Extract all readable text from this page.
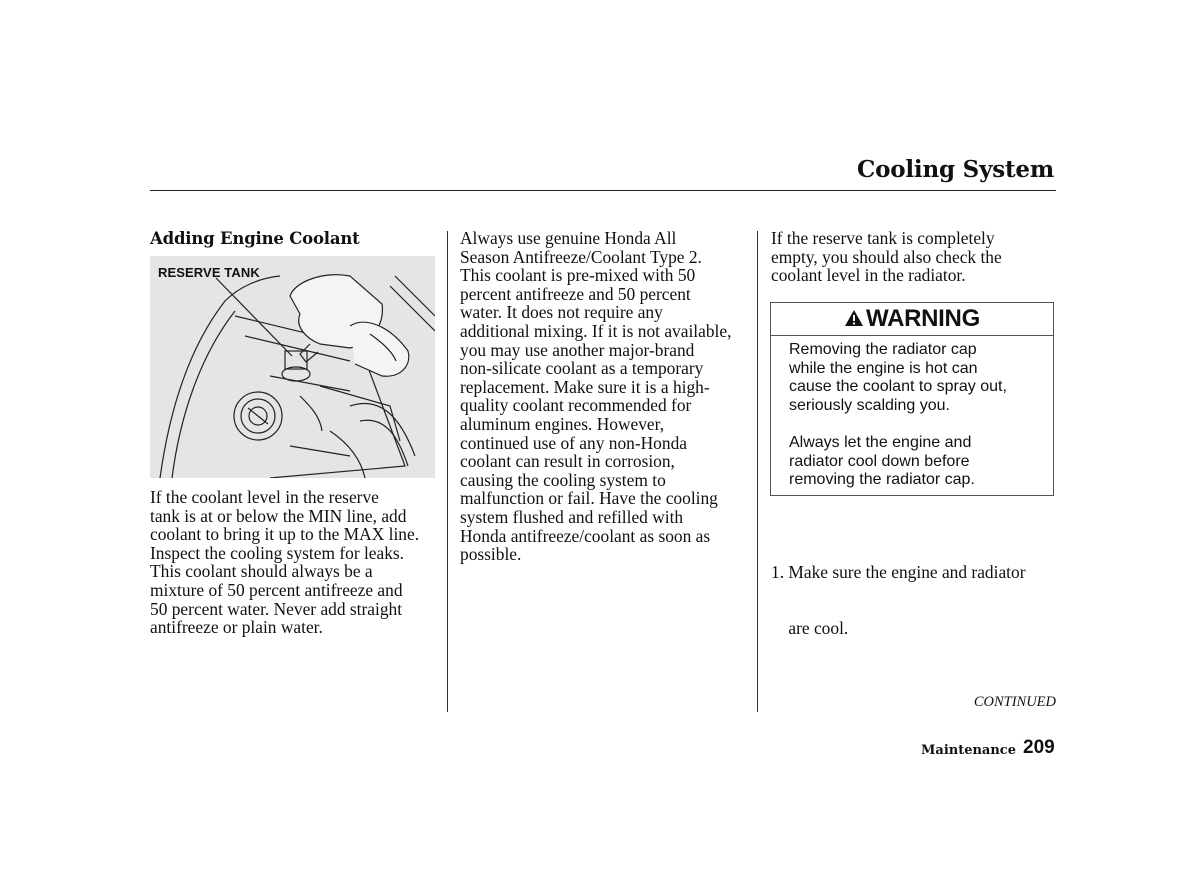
Cooling System
Adding Engine Coolant
RESERVE TANK

If the coolant level in the reserve

tank is at or below the MIN line, add

coolant to bring it up to the MAX line.

Inspect the cooling system for leaks.

This coolant should always be a

mixture of 50 percent antifreeze and

50 percent water. Never add straight

antifreeze or plain water.

Always use genuine Honda All

Season Antifreeze/Coolant Type 2.

This coolant is pre-mixed with 50

percent antifreeze and 50 percent

water. It does not require any

additional mixing. If it is not available,

you may use another major-brand

non-silicate coolant as a temporary

replacement. Make sure it is a high-

quality coolant recommended for

aluminum engines. However,

continued use of any non-Honda

coolant can result in corrosion,

causing the cooling system to

malfunction or fail. Have the cooling

system flushed and refilled with

Honda antifreeze/coolant as soon as

possible.

If the reserve tank is completely

empty, you should also check the

coolant level in the radiator.

WARNING
Removing the radiator cap
while the engine is hot can
cause the coolant to spray out,
seriously scalding you.
Always let the engine and
radiator cool down before
removing the radiator cap.

1. Make sure the engine and radiator

are cool.

CONTINUED
Maintenance 209
